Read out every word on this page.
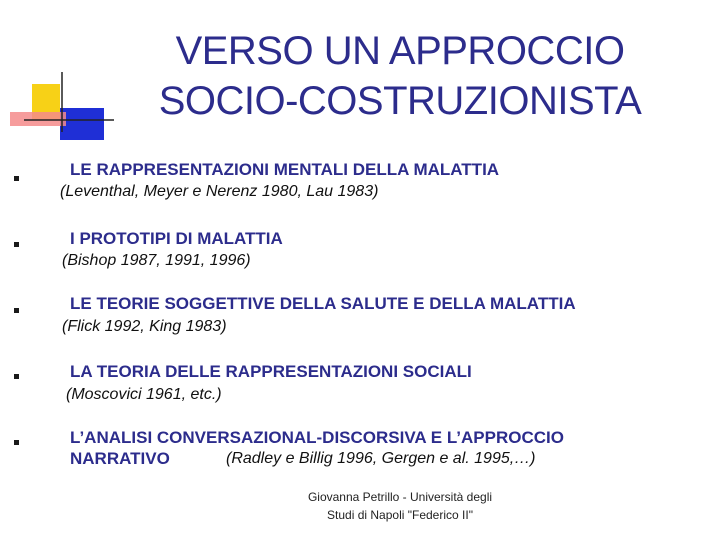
VERSO UN APPROCCIO
SOCIO-COSTRUZIONISTA
LE RAPPRESENTAZIONI MENTALI DELLA MALATTIA
(Leventhal, Meyer e Nerenz 1980, Lau 1983)
I PROTOTIPI DI MALATTIA
(Bishop 1987, 1991, 1996)
LE TEORIE SOGGETTIVE DELLA SALUTE E DELLA MALATTIA
(Flick 1992, King 1983)
LA TEORIA DELLE RAPPRESENTAZIONI SOCIALI
(Moscovici 1961, etc.)
L’ANALISI CONVERSAZIONAL-DISCORSIVA E L’APPROCCIO
NARRATIVO	(Radley e Billig 1996, Gergen e al. 1995,…)
Giovanna Petrillo - Università degli
Studi di Napoli "Federico II"
